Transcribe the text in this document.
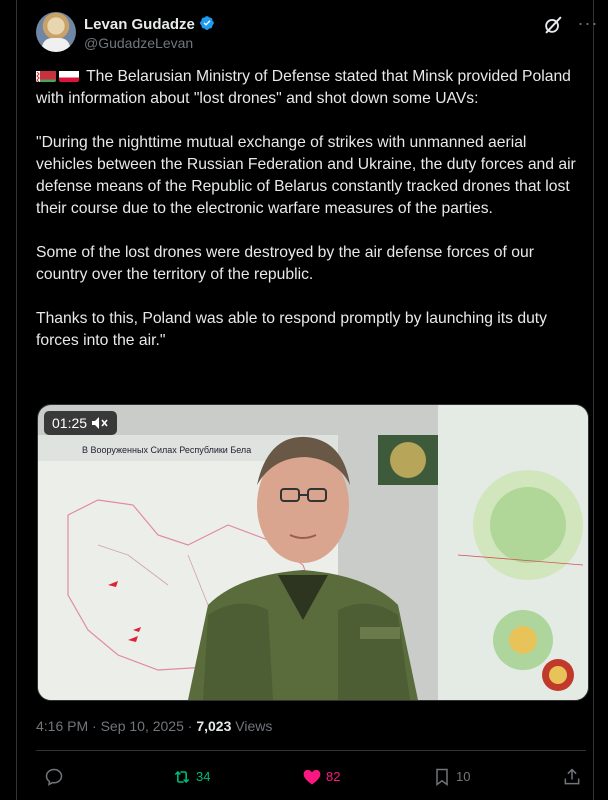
Levan Gudadze
@GudadzeLevan
···

The Belarusian Ministry of Defense stated that Minsk provided Poland with information about "lost drones" and shot down some UAVs:

"During the nighttime mutual exchange of strikes with unmanned aerial vehicles between the Russian Federation and Ukraine, the duty forces and air defense means of the Republic of Belarus constantly tracked drones that lost their course due to the electronic warfare measures of the parties.

Some of the lost drones were destroyed by the air defense forces of our country over the territory of the republic.

Thanks to this, Poland was able to respond promptly by launching its duty forces into the air."

В Вооруженных Силах Республики Бела
01:25
4:16 PM · Sep 10, 2025 · 7,023 Views
34	82	10
